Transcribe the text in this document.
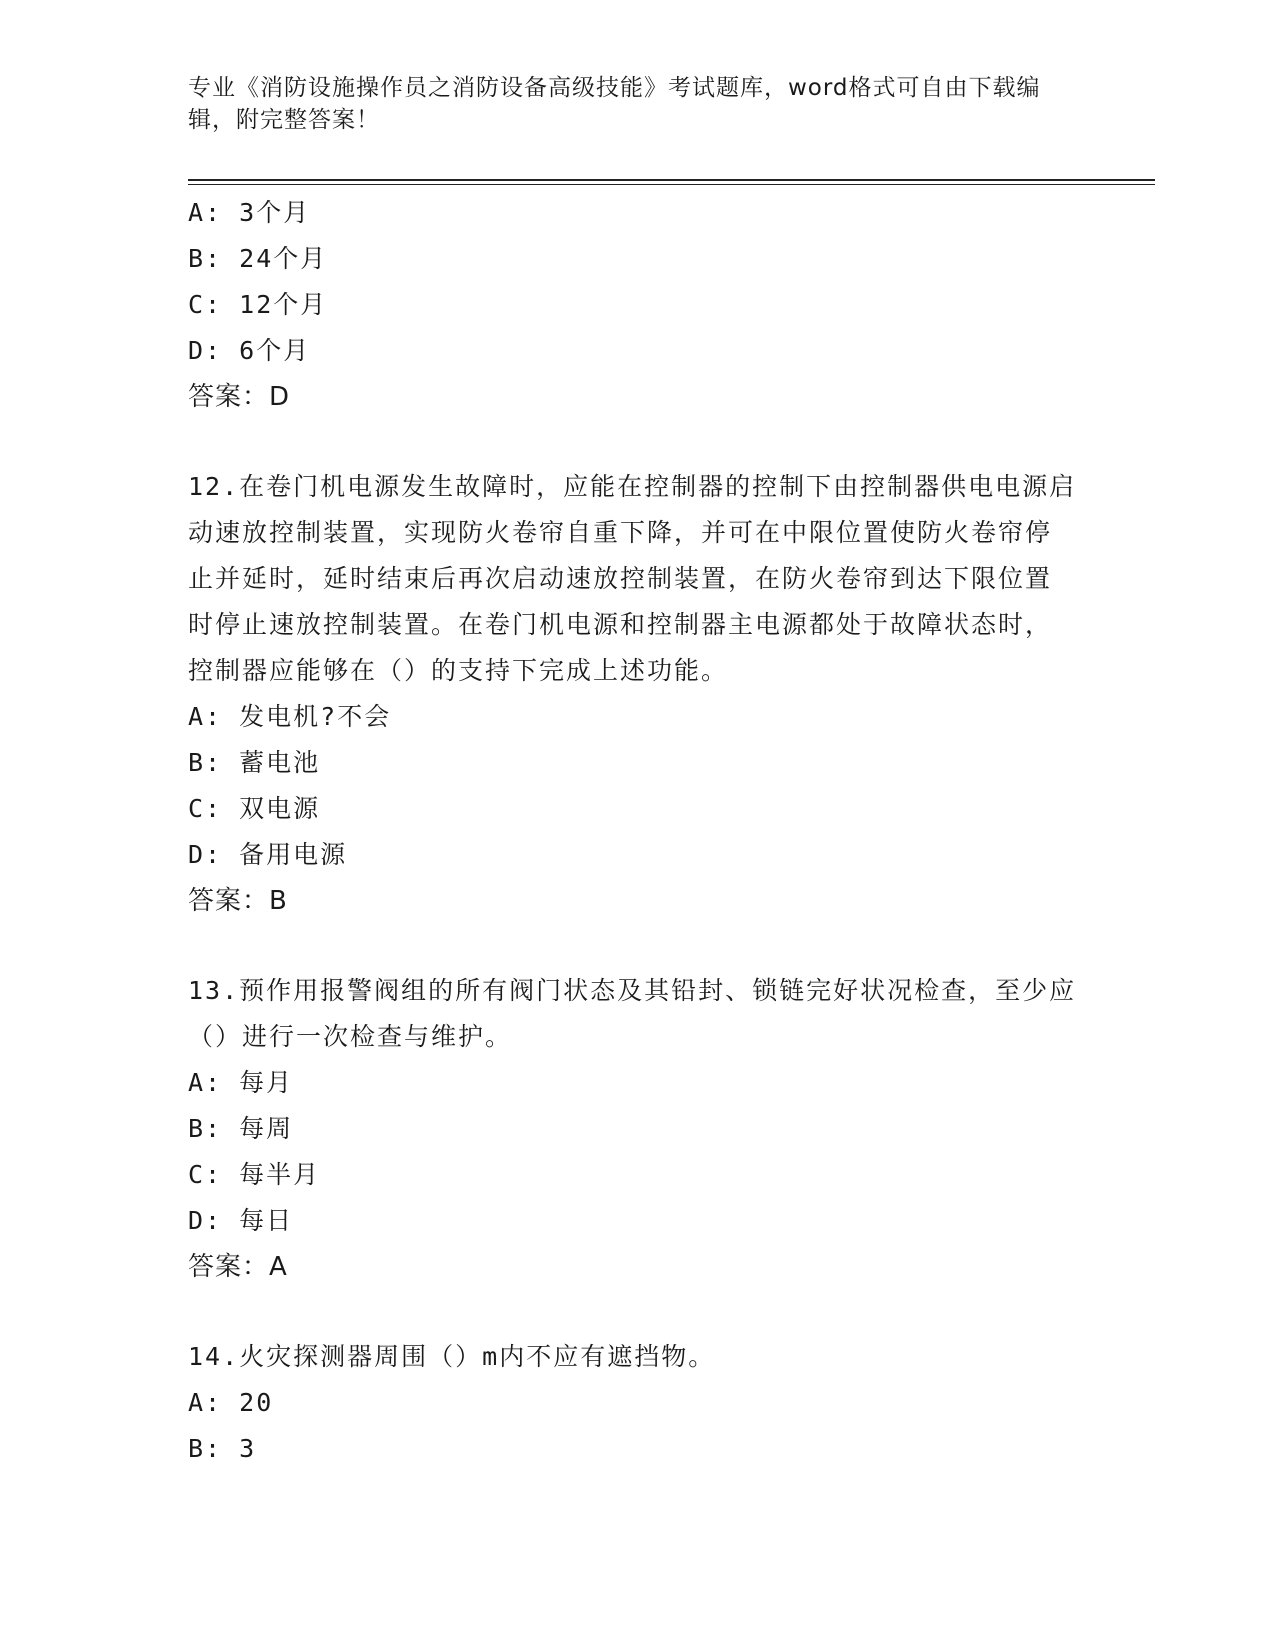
专业《消防设施操作员之消防设备高级技能》考试题库，word格式可自由下载编辑，附完整答案！
A: 3个月
B: 24个月
C: 12个月
D: 6个月
答案：D
12.在卷门机电源发生故障时，应能在控制器的控制下由控制器供电电源启动速放控制装置，实现防火卷帘自重下降，并可在中限位置使防火卷帘停止并延时，延时结束后再次启动速放控制装置，在防火卷帘到达下限位置时停止速放控制装置。在卷门机电源和控制器主电源都处于故障状态时，控制器应能够在（）的支持下完成上述功能。
A: 发电机?不会
B: 蓄电池
C: 双电源
D: 备用电源
答案：B
13.预作用报警阀组的所有阀门状态及其铅封、锁链完好状况检查，至少应（）进行一次检查与维护。
A: 每月
B: 每周
C: 每半月
D: 每日
答案：A
14.火灾探测器周围（）m内不应有遮挡物。
A: 20
B: 3
